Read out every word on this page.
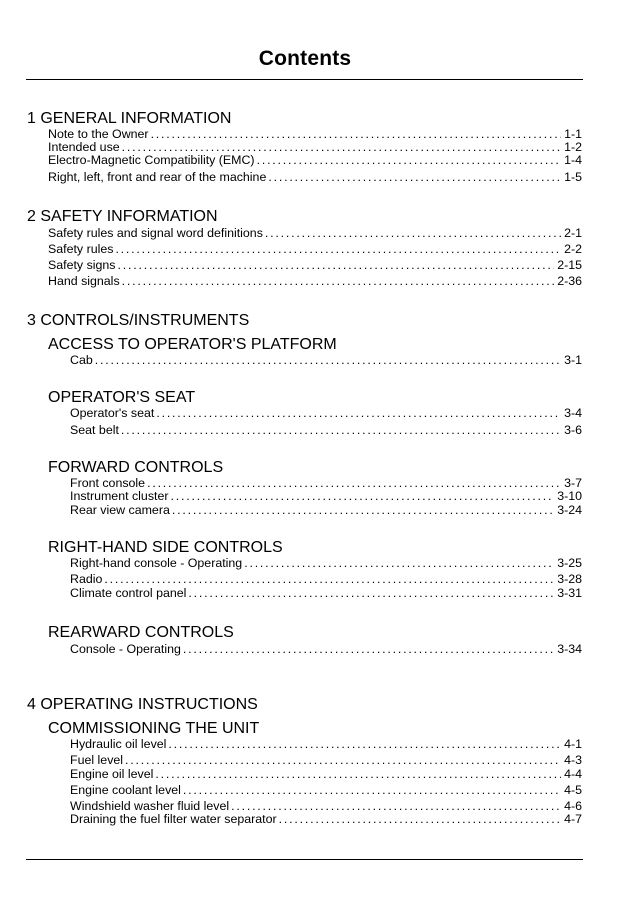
Contents
1 GENERAL INFORMATION
Note to the Owner .....	1-1
Intended use .....	1-2
Electro-Magnetic Compatibility (EMC) .....	1-4
Right, left, front and rear of the machine .....	1-5
2 SAFETY INFORMATION
Safety rules and signal word definitions .....	2-1
Safety rules .....	2-2
Safety signs .....	2-15
Hand signals .....	2-36
3 CONTROLS/INSTRUMENTS
ACCESS TO OPERATOR'S PLATFORM
Cab .....	3-1
OPERATOR'S SEAT
Operator's seat .....	3-4
Seat belt .....	3-6
FORWARD CONTROLS
Front console .....	3-7
Instrument cluster .....	3-10
Rear view camera .....	3-24
RIGHT-HAND SIDE CONTROLS
Right-hand console - Operating .....	3-25
Radio .....	3-28
Climate control panel .....	3-31
REARWARD CONTROLS
Console - Operating .....	3-34
4 OPERATING INSTRUCTIONS
COMMISSIONING THE UNIT
Hydraulic oil level .....	4-1
Fuel level .....	4-3
Engine oil level .....	4-4
Engine coolant level .....	4-5
Windshield washer fluid level .....	4-6
Draining the fuel filter water separator .....	4-7
